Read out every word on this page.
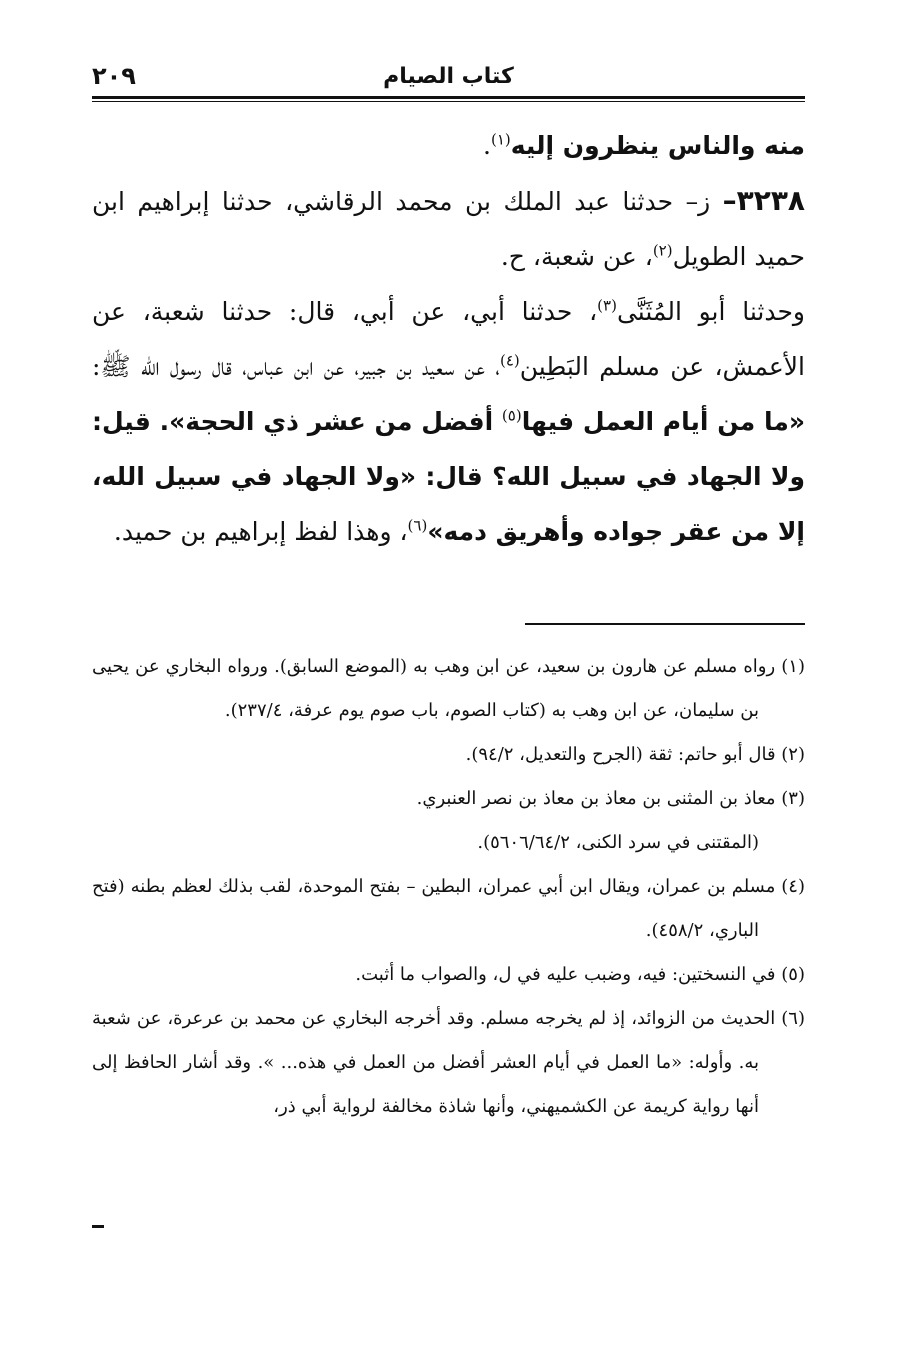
كتاب الصيام
٢٠٩

منه والناس ينظرون إليه$^{(١)}$.

٣٢٣٨– ز– حدثنا عبد الملك بن محمد الرقاشي، حدثنا إبراهيم ابن حميد الطويل$^{(٢)}$، عن شعبة، ح.

وحدثنا أبو المُثَنَّى$^{(٣)}$، حدثنا أبي، عن أبي، قال: حدثنا شعبة، عن الأعمش، عن مسلم البَطِين$^{(٤)}$، عن سعيد بن جبير، عن ابن عباس، قال رسول الله ﷺ: «ما من أيام العمل فيها$^{(٥)}$ أفضل من عشر ذي الحجة». قيل: ولا الجهاد في سبيل الله؟ قال: «ولا الجهاد في سبيل الله، إلا من عقر جواده وأهريق دمه»$^{(٦)}$، وهذا لفظ إبراهيم بن حميد.

(١) رواه مسلم عن هارون بن سعيد، عن ابن وهب به (الموضع السابق). ورواه البخاري عن يحيى بن سليمان، عن ابن وهب به (كتاب الصوم، باب صوم يوم عرفة، ٢٣٧/٤).

(٢) قال أبو حاتم: ثقة (الجرح والتعديل، ٩٤/٢).

(٣) معاذ بن المثنى بن معاذ بن معاذ بن نصر العنبري.

(المقتنى في سرد الكنى، ٥٦٠٦/٦٤/٢).

(٤) مسلم بن عمران، ويقال ابن أبي عمران، البطين – بفتح الموحدة، لقب بذلك لعظم بطنه (فتح الباري، ٤٥٨/٢).

(٥) في النسختين: فيه، وضبب عليه في ل، والصواب ما أثبت.

(٦) الحديث من الزوائد، إذ لم يخرجه مسلم. وقد أخرجه البخاري عن محمد بن عرعرة، عن شعبة به. وأوله: «ما العمل في أيام العشر أفضل من العمل في هذه... ». وقد أشار الحافظ إلى أنها رواية كريمة عن الكشميهني، وأنها شاذة مخالفة لرواية أبي ذر،
